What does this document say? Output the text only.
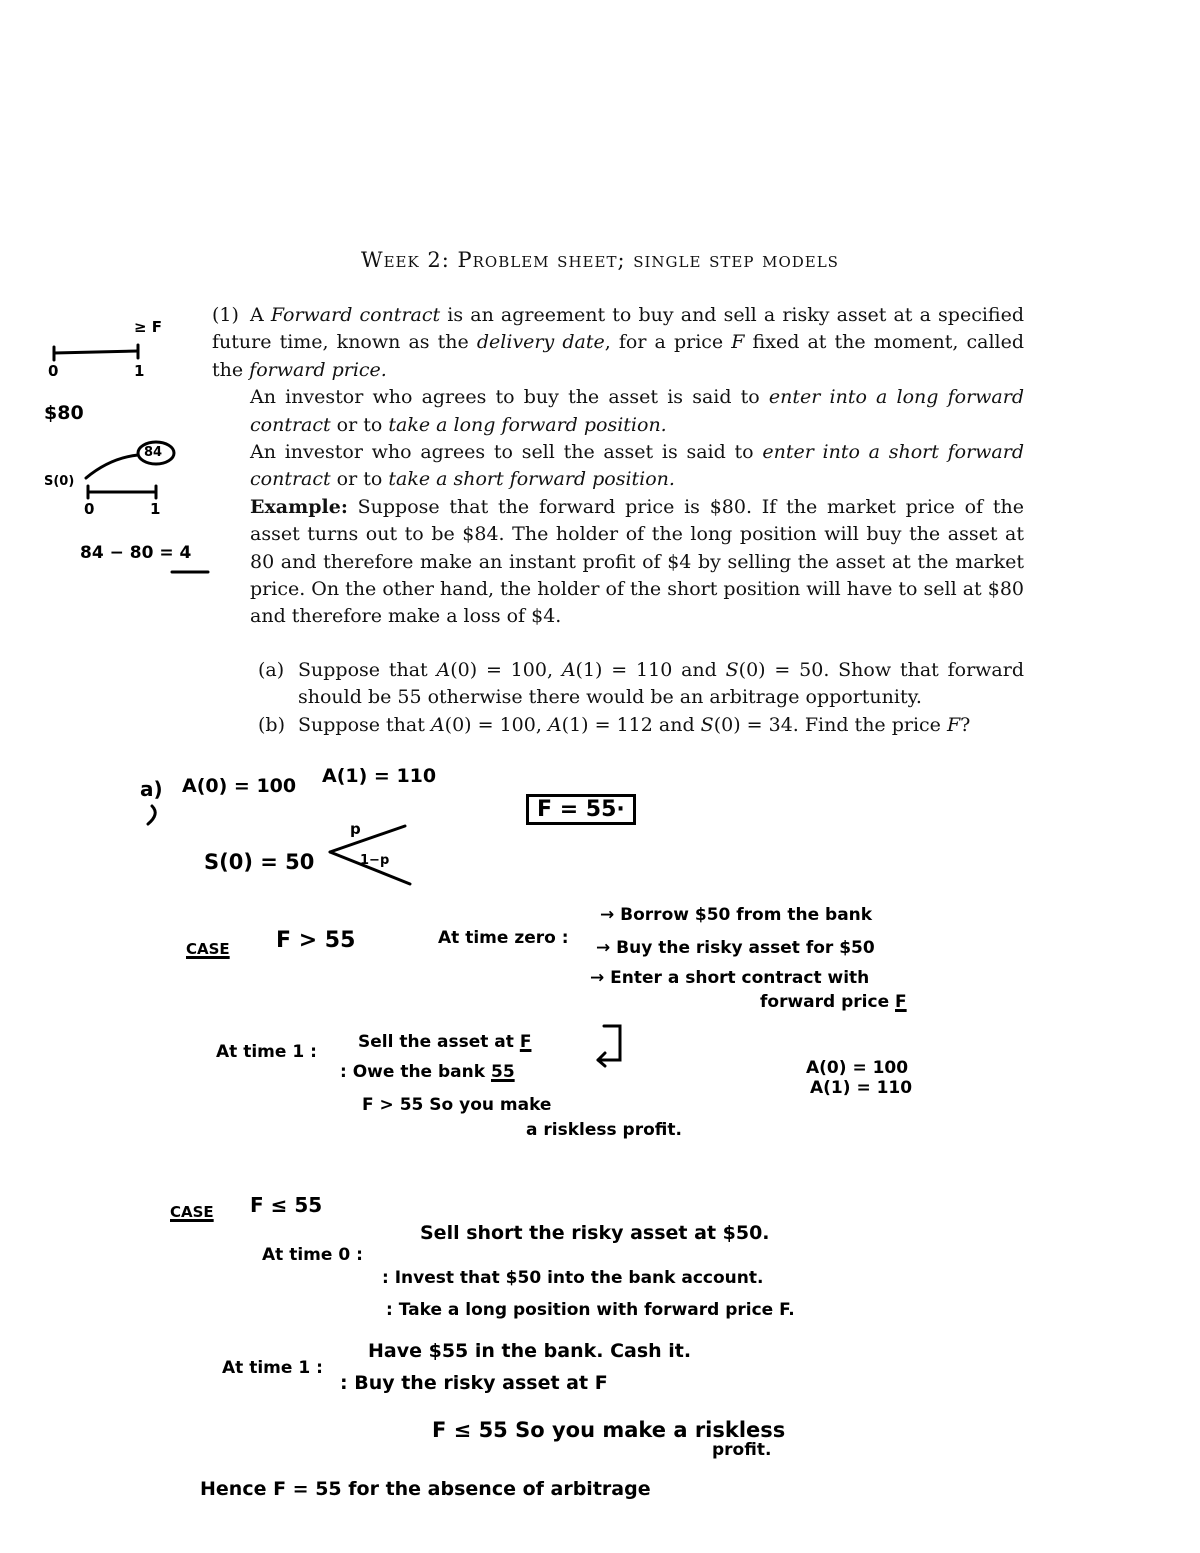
Week 2: Problem sheet; single step models

(1) A Forward contract is an agreement to buy and sell a risky asset at a specified future time, known as the delivery date, for a price F fixed at the moment, called the forward price.

An investor who agrees to buy the asset is said to enter into a long forward contract or to take a long forward position.

An investor who agrees to sell the asset is said to enter into a short forward contract or to take a short forward position.

Example: Suppose that the forward price is $80. If the market price of the asset turns out to be $84. The holder of the long position will buy the asset at 80 and therefore make an instant profit of $4 by selling the asset at the market price. On the other hand, the holder of the short position will have to sell at $80 and therefore make a loss of $4.

(a) Suppose that A(0) = 100, A(1) = 110 and S(0) = 50. Show that forward should be 55 otherwise there would be an arbitrage opportunity.

(b) Suppose that A(0) = 100, A(1) = 112 and S(0) = 34. Find the price F?

≥ F
0	1
$80
84
S(0)
0	1
84 − 80 = 4
a) A(0) = 100 A(1) = 110
F = 55·
p
1−p
S(0) = 50
CASE F > 55	At time zero :
→ Borrow $50 from the bank
→ Buy the risky asset for $50
→ Enter a short contract with
forward price F
At time 1 : Sell the asset at F
: Owe the bank 55	A(0) = 100
A(1) = 110
F > 55 So you make
a riskless profit.
CASE F ≤ 55
At time 0 :
Sell short the risky asset at $50.
: Invest that $50 into the bank account.
: Take a long position with forward price F.
At time 1 :
Have $55 in the bank. Cash it.
: Buy the risky asset at F
F ≤ 55 So you make a riskless
profit.
Hence F = 55 for the absence of arbitrage
